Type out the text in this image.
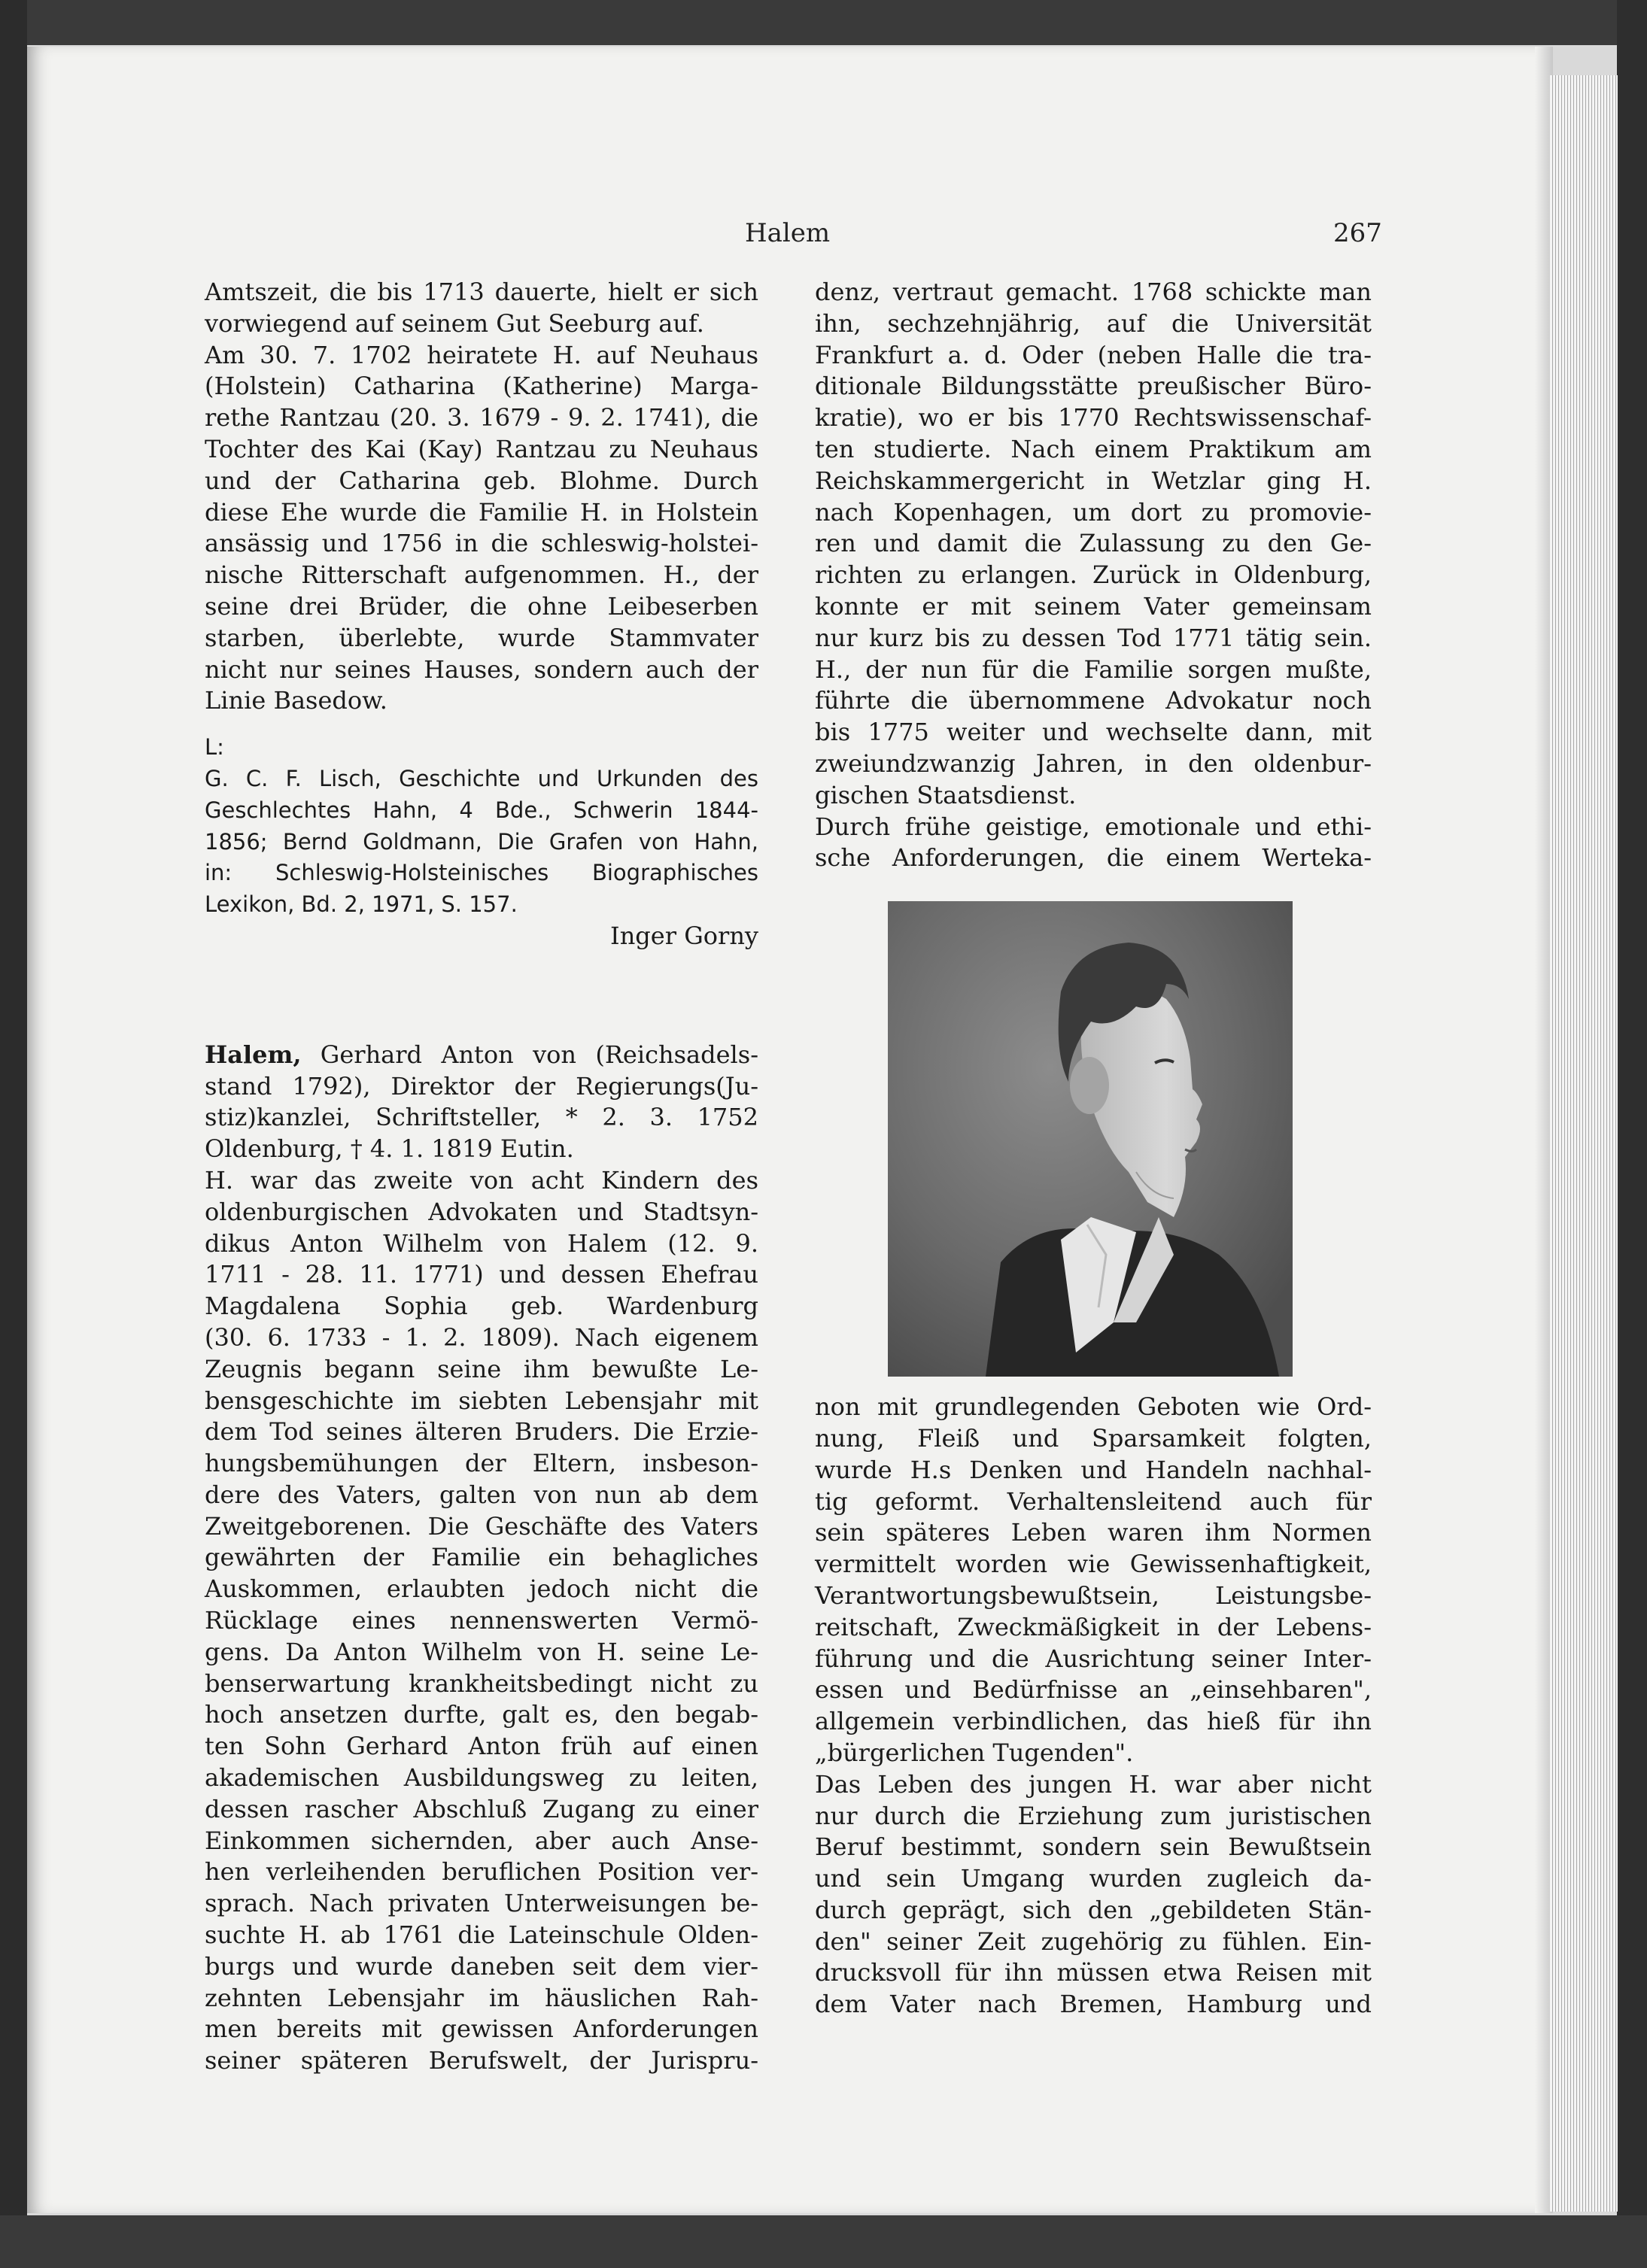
Halem	267
Amtszeit, die bis 1713 dauerte, hielt er sich
vorwiegend auf seinem Gut Seeburg auf.
Am 30. 7. 1702 heiratete H. auf Neuhaus
(Holstein) Catharina (Katherine) Marga-
rethe Rantzau (20. 3. 1679 - 9. 2. 1741), die
Tochter des Kai (Kay) Rantzau zu Neuhaus
und der Catharina geb. Blohme. Durch
diese Ehe wurde die Familie H. in Holstein
ansässig und 1756 in die schleswig-holstei-
nische Ritterschaft aufgenommen. H., der
seine drei Brüder, die ohne Leibeserben
starben, überlebte, wurde Stammvater
nicht nur seines Hauses, sondern auch der
Linie Basedow.
L:
G. C. F. Lisch, Geschichte und Urkunden des
Geschlechtes Hahn, 4 Bde., Schwerin 1844-
1856; Bernd Goldmann, Die Grafen von Hahn,
in: Schleswig-Holsteinisches Biographisches
Lexikon, Bd. 2, 1971, S. 157.
Inger Gorny
Halem, Gerhard Anton von (Reichsadels-
stand 1792), Direktor der Regierungs(Ju-
stiz)kanzlei, Schriftsteller, * 2. 3. 1752
Oldenburg, † 4. 1. 1819 Eutin.
H. war das zweite von acht Kindern des
oldenburgischen Advokaten und Stadtsyn-
dikus Anton Wilhelm von Halem (12. 9.
1711 - 28. 11. 1771) und dessen Ehefrau
Magdalena Sophia geb. Wardenburg
(30. 6. 1733 - 1. 2. 1809). Nach eigenem
Zeugnis begann seine ihm bewußte Le-
bensgeschichte im siebten Lebensjahr mit
dem Tod seines älteren Bruders. Die Erzie-
hungsbemühungen der Eltern, insbeson-
dere des Vaters, galten von nun ab dem
Zweitgeborenen. Die Geschäfte des Vaters
gewährten der Familie ein behagliches
Auskommen, erlaubten jedoch nicht die
Rücklage eines nennenswerten Vermö-
gens. Da Anton Wilhelm von H. seine Le-
benserwartung krankheitsbedingt nicht zu
hoch ansetzen durfte, galt es, den begab-
ten Sohn Gerhard Anton früh auf einen
akademischen Ausbildungsweg zu leiten,
dessen rascher Abschluß Zugang zu einer
Einkommen sichernden, aber auch Anse-
hen verleihenden beruflichen Position ver-
sprach. Nach privaten Unterweisungen be-
suchte H. ab 1761 die Lateinschule Olden-
burgs und wurde daneben seit dem vier-
zehnten Lebensjahr im häuslichen Rah-
men bereits mit gewissen Anforderungen
seiner späteren Berufswelt, der Jurispru-
denz, vertraut gemacht. 1768 schickte man
ihn, sechzehnjährig, auf die Universität
Frankfurt a. d. Oder (neben Halle die tra-
ditionale Bildungsstätte preußischer Büro-
kratie), wo er bis 1770 Rechtswissenschaf-
ten studierte. Nach einem Praktikum am
Reichskammergericht in Wetzlar ging H.
nach Kopenhagen, um dort zu promovie-
ren und damit die Zulassung zu den Ge-
richten zu erlangen. Zurück in Oldenburg,
konnte er mit seinem Vater gemeinsam
nur kurz bis zu dessen Tod 1771 tätig sein.
H., der nun für die Familie sorgen mußte,
führte die übernommene Advokatur noch
bis 1775 weiter und wechselte dann, mit
zweiundzwanzig Jahren, in den oldenbur-
gischen Staatsdienst.
Durch frühe geistige, emotionale und ethi-
sche Anforderungen, die einem Werteka-
non mit grundlegenden Geboten wie Ord-
nung, Fleiß und Sparsamkeit folgten,
wurde H.s Denken und Handeln nachhal-
tig geformt. Verhaltensleitend auch für
sein späteres Leben waren ihm Normen
vermittelt worden wie Gewissenhaftigkeit,
Verantwortungsbewußtsein, Leistungsbe-
reitschaft, Zweckmäßigkeit in der Lebens-
führung und die Ausrichtung seiner Inter-
essen und Bedürfnisse an „einsehbaren",
allgemein verbindlichen, das hieß für ihn
„bürgerlichen Tugenden".
Das Leben des jungen H. war aber nicht
nur durch die Erziehung zum juristischen
Beruf bestimmt, sondern sein Bewußtsein
und sein Umgang wurden zugleich da-
durch geprägt, sich den „gebildeten Stän-
den" seiner Zeit zugehörig zu fühlen. Ein-
drucksvoll für ihn müssen etwa Reisen mit
dem Vater nach Bremen, Hamburg und
